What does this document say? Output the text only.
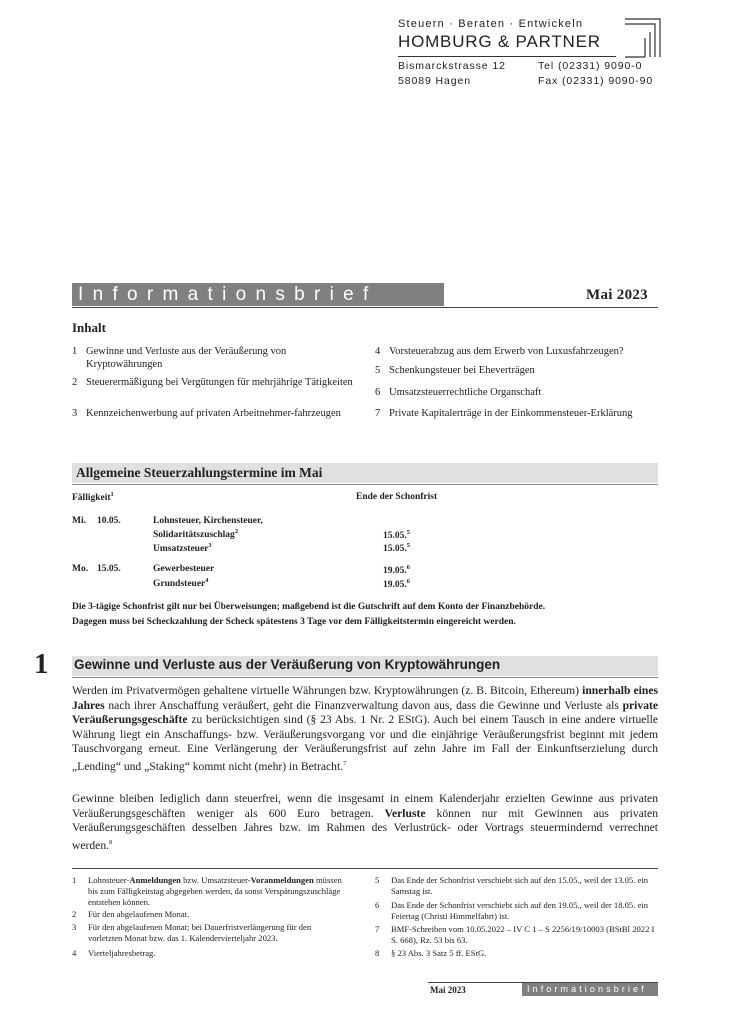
Steuern · Beraten · Entwickeln
HOMBURG & PARTNER
Bismarckstrasse 12	Tel (02331) 9090-0
58089 Hagen	Fax (02331) 9090-90
Informationsbrief	Mai 2023
Inhalt
1 Gewinne und Verluste aus der Veräußerung von Kryptowährungen
2 Steuerermäßigung bei Vergütungen für mehrjährige Tätigkeiten
3 Kennzeichenwerbung auf privaten Arbeitnehmer-fahrzeugen
4 Vorsteuerabzug aus dem Erwerb von Luxusfahrzeugen?
5 Schenkungsteuer bei Eheverträgen
6 Umsatzsteuerrechtliche Organschaft
7 Private Kapitalerträge in der Einkommensteuer-Erklärung
Allgemeine Steuerzahlungstermine im Mai
Fälligkeit$^1$	Ende der Schonfrist
Mi. 10.05.	Lohnsteuer, Kirchensteuer,
Solidaritätszuschlag$^2$	15.05.$^5$
Umsatzsteuer$^3$	15.05.$^5$
Mo. 15.05.	Gewerbesteuer	19.05.$^6$
Grundsteuer$^4$	19.05.$^6$
Die 3-tägige Schonfrist gilt nur bei Überweisungen; maßgebend ist die Gutschrift auf dem Konto der Finanzbehörde.
Dagegen muss bei Scheckzahlung der Scheck spätestens 3 Tage vor dem Fälligkeitstermin eingereicht werden.
1 Gewinne und Verluste aus der Veräußerung von Kryptowährungen
Werden im Privatvermögen gehaltene virtuelle Währungen bzw. Kryptowährungen (z. B. Bitcoin, Ethereum) innerhalb eines Jahres nach ihrer Anschaffung veräußert, geht die Finanzverwaltung davon aus, dass die Gewinne und Verluste als private Veräußerungsgeschäfte zu berücksichtigen sind (§ 23 Abs. 1 Nr. 2 EStG). Auch bei einem Tausch in eine andere virtuelle Währung liegt ein Anschaffungs- bzw. Veräußerungsvorgang vor und die einjährige Veräußerungsfrist beginnt mit jedem Tauschvorgang erneut. Eine Verlängerung der Veräußerungsfrist auf zehn Jahre im Fall der Einkunftserzielung durch „Lending“ und „Staking“ kommt nicht (mehr) in Betracht.$^7$
Gewinne bleiben lediglich dann steuerfrei, wenn die insgesamt in einem Kalenderjahr erzielten Gewinne aus privaten Veräußerungsgeschäften weniger als 600 Euro betragen. Verluste können nur mit Gewinnen aus privaten Veräußerungsgeschäften desselben Jahres bzw. im Rahmen des Verlustrück- oder Vortrags steuermindernd verrechnet werden.$^8$
1 Lohnsteuer-Anmeldungen bzw. Umsatzsteuer-Voranmeldungen müssen bis zum Fälligkeitstag abgegeben werden, da sonst Verspätungszuschläge entstehen können.
2 Für den abgelaufenen Monat.
3 Für den abgelaufenen Monat; bei Dauerfristverlängerung für den vorletzten Monat bzw. das 1. Kalendervierteljahr 2023.
4 Vierteljahresbetrag.
5 Das Ende der Schonfrist verschiebt sich auf den 15.05., weil der 13.05. ein Samstag ist.
6 Das Ende der Schonfrist verschiebt sich auf den 19.05., weil der 18.05. ein Feiertag (Christi Himmelfahrt) ist.
7 BMF-Schreiben vom 10.05.2022 – IV C 1 – S 2256/19/10003 (BStBl 2022 I S. 668), Rz. 53 bis 63.
8 § 23 Abs. 3 Satz 5 ff. EStG.
Mai 2023	Informationsbrief
